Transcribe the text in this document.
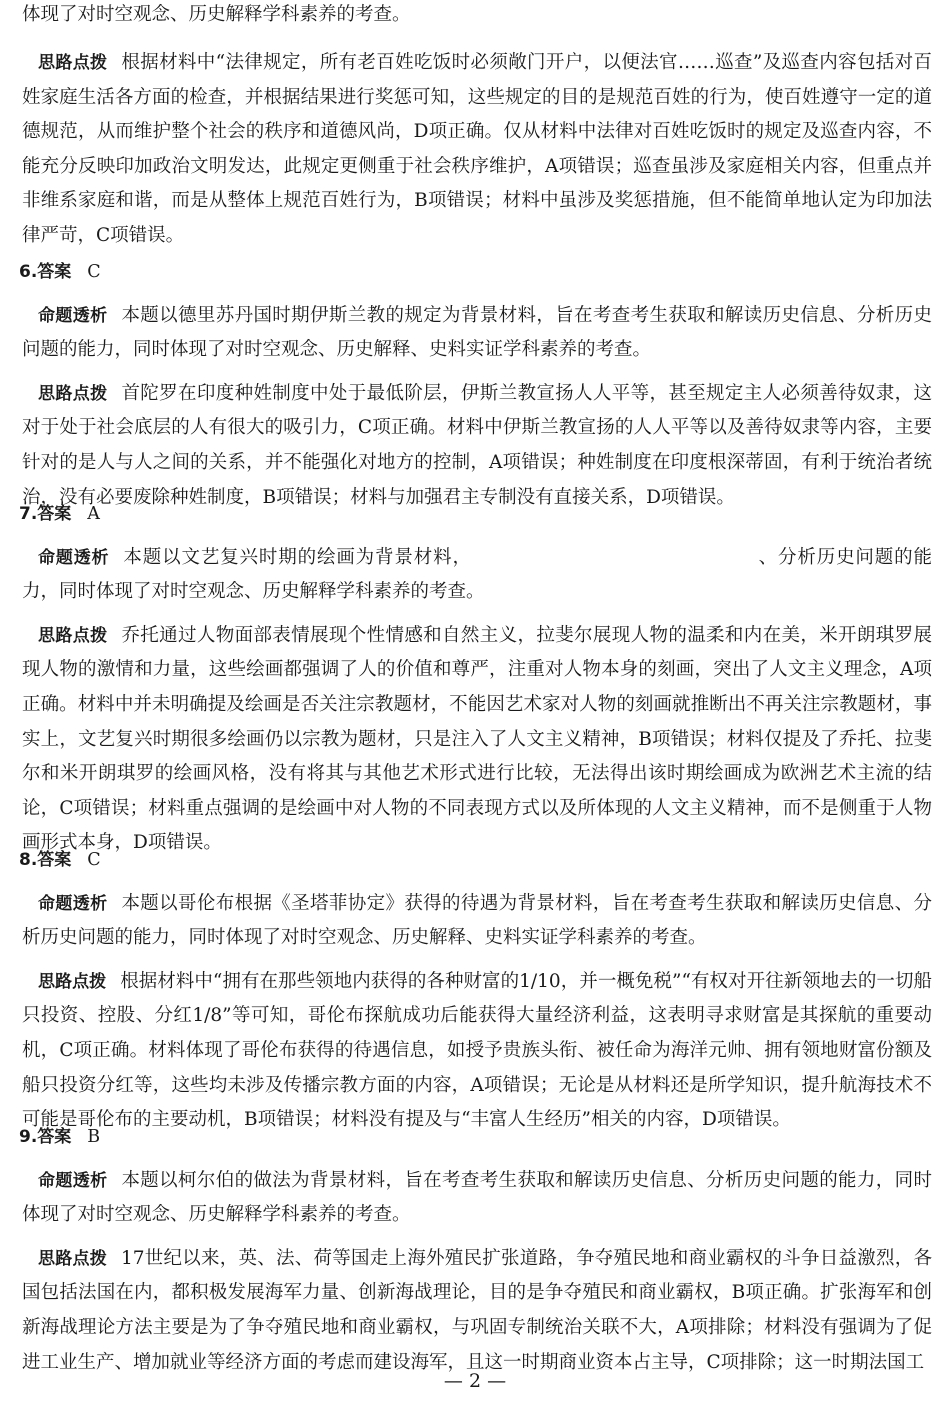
体现了对时空观念、历史解释学科素养的考查。

思路点拨 根据材料中“法律规定，所有老百姓吃饭时必须敞门开户，以便法官……巡查”及巡查内容包括对百姓家庭生活各方面的检查，并根据结果进行奖惩可知，这些规定的目的是规范百姓的行为，使百姓遵守一定的道德规范，从而维护整个社会的秩序和道德风尚，D项正确。仅从材料中法律对百姓吃饭时的规定及巡查内容，不能充分反映印加政治文明发达，此规定更侧重于社会秩序维护，A项错误；巡查虽涉及家庭相关内容，但重点并非维系家庭和谐，而是从整体上规范百姓行为，B项错误；材料中虽涉及奖惩措施，但不能简单地认定为印加法律严苛，C项错误。

6.答案 C

命题透析 本题以德里苏丹国时期伊斯兰教的规定为背景材料，旨在考查考生获取和解读历史信息、分析历史问题的能力，同时体现了对时空观念、历史解释、史料实证学科素养的考查。

思路点拨 首陀罗在印度种姓制度中处于最低阶层，伊斯兰教宣扬人人平等，甚至规定主人必须善待奴隶，这对于处于社会底层的人有很大的吸引力，C项正确。材料中伊斯兰教宣扬的人人平等以及善待奴隶等内容，主要针对的是人与人之间的关系，并不能强化对地方的控制，A项错误；种姓制度在印度根深蒂固，有利于统治者统治，没有必要废除种姓制度，B项错误；材料与加强君主专制没有直接关系，D项错误。

7.答案 A

命题透析 本题以文艺复兴时期的绘画为背景材料，	、分析历史问题的能力，同时体现了对时空观念、历史解释学科素养的考查。

思路点拨 乔托通过人物面部表情展现个性情感和自然主义，拉斐尔展现人物的温柔和内在美，米开朗琪罗展现人物的激情和力量，这些绘画都强调了人的价值和尊严，注重对人物本身的刻画，突出了人文主义理念，A项正确。材料中并未明确提及绘画是否关注宗教题材，不能因艺术家对人物的刻画就推断出不再关注宗教题材，事实上，文艺复兴时期很多绘画仍以宗教为题材，只是注入了人文主义精神，B项错误；材料仅提及了乔托、拉斐尔和米开朗琪罗的绘画风格，没有将其与其他艺术形式进行比较，无法得出该时期绘画成为欧洲艺术主流的结论，C项错误；材料重点强调的是绘画中对人物的不同表现方式以及所体现的人文主义精神，而不是侧重于人物画形式本身，D项错误。

8.答案 C

命题透析 本题以哥伦布根据《圣塔菲协定》获得的待遇为背景材料，旨在考查考生获取和解读历史信息、分析历史问题的能力，同时体现了对时空观念、历史解释、史料实证学科素养的考查。

思路点拨 根据材料中“拥有在那些领地内获得的各种财富的1/10，并一概免税”“有权对开往新领地去的一切船只投资、控股、分红1/8”等可知，哥伦布探航成功后能获得大量经济利益，这表明寻求财富是其探航的重要动机，C项正确。材料体现了哥伦布获得的待遇信息，如授予贵族头衔、被任命为海洋元帅、拥有领地财富份额及船只投资分红等，这些均未涉及传播宗教方面的内容，A项错误；无论是从材料还是所学知识，提升航海技术不可能是哥伦布的主要动机，B项错误；材料没有提及与“丰富人生经历”相关的内容，D项错误。

9.答案 B

命题透析 本题以柯尔伯的做法为背景材料，旨在考查考生获取和解读历史信息、分析历史问题的能力，同时体现了对时空观念、历史解释学科素养的考查。

思路点拨 17世纪以来，英、法、荷等国走上海外殖民扩张道路，争夺殖民地和商业霸权的斗争日益激烈，各国包括法国在内，都积极发展海军力量、创新海战理论，目的是争夺殖民和商业霸权，B项正确。扩张海军和创新海战理论方法主要是为了争夺殖民地和商业霸权，与巩固专制统治关联不大，A项排除；材料没有强调为了促进工业生产、增加就业等经济方面的考虑而建设海军，且这一时期商业资本占主导，C项排除；这一时期法国工

— 2 —
